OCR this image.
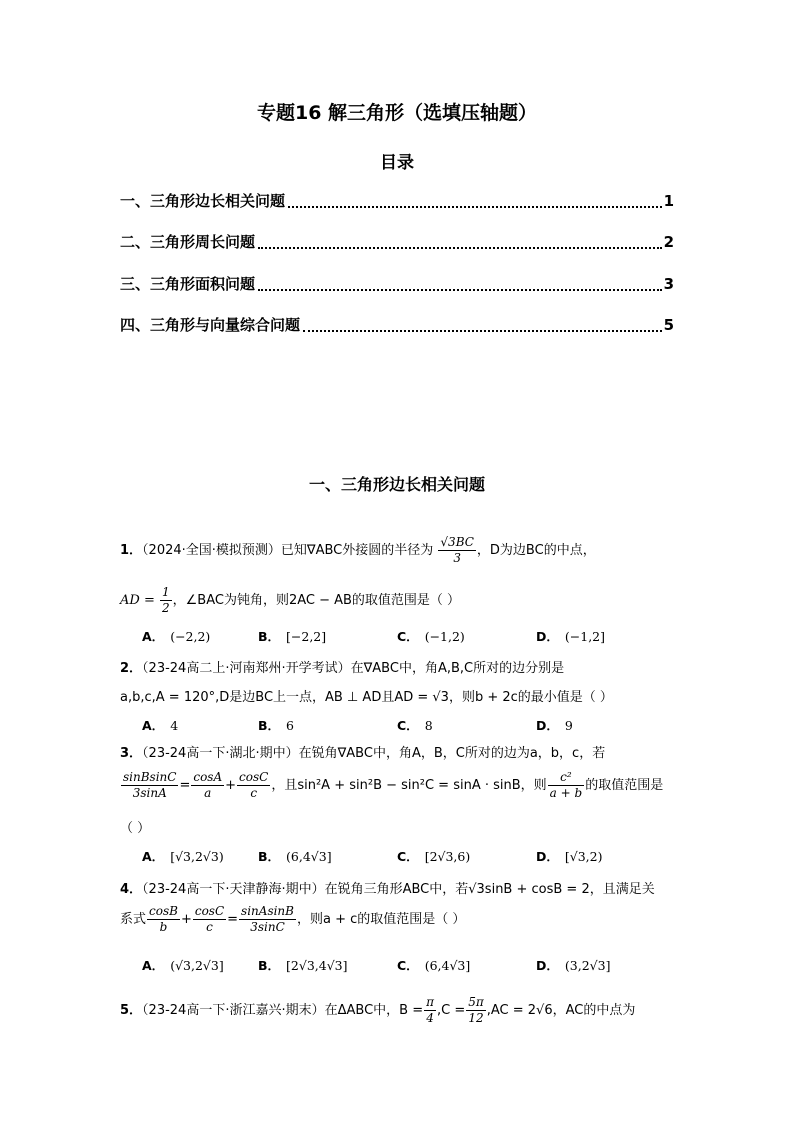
专题16 解三角形（选填压轴题）
目录
一、三角形边长相关问题	1
二、三角形周长问题	2
三、三角形面积问题	3
四、三角形与向量综合问题	5
一、三角形边长相关问题
1．（2024·全国·模拟预测）已知∇ABC外接圆的半径为 $\frac{√3BC}{3}$ ，D为边BC的中点，
AD = $\frac{1}{2}$ ，∠BAC为钝角，则2AC − AB的取值范围是（ ）
A． (−2,2)	B． [−2,2]	C． (−1,2)	D． (−1,2]
2．（23-24高二上·河南郑州·开学考试）在∇ABC中，角A,B,C所对的边分别是
a,b,c,A = 120°,D是边BC上一点，AB ⊥ AD且AD = √3，则b + 2c的最小值是（ ）
A． 4	B． 6	C． 8	D． 9
3．（23-24高一下·湖北·期中）在锐角∇ABC中，角A，B，C所对的边为a，b，c，若
$\frac{\text{sinBsinC}}{3\sin A} = \frac{\cos A}{a} + \frac{\cos C}{c}$ ，且sin²A + sin²B − sin²C = sinA · sinB，则 $\frac{\text{c²}}{a + b}$ 的取值范围是
（ ）
A． [√3,2√3)	B． (6,4√3]	C． [2√3,6)	D． [√3,2)
4．（23-24高一下·天津静海·期中）在锐角三角形ABC中，若√3sinB + cosB = 2，且满足关
系式 $\frac{\cos B}{b} + \frac{\cos C}{c} = \frac{\text{sinAsinB}}{3\sin C}$ ，则a + c的取值范围是（ ）
A． (√3,2√3]	B． [2√3,4√3]	C． (6,4√3]	D． (3,2√3]
5．（23-24高一下·浙江嘉兴·期末）在ΔABC中，$B = \frac{\pi}{4} ,C = \frac{5\pi}{12} ,AC = 2√6$，AC的中点为
